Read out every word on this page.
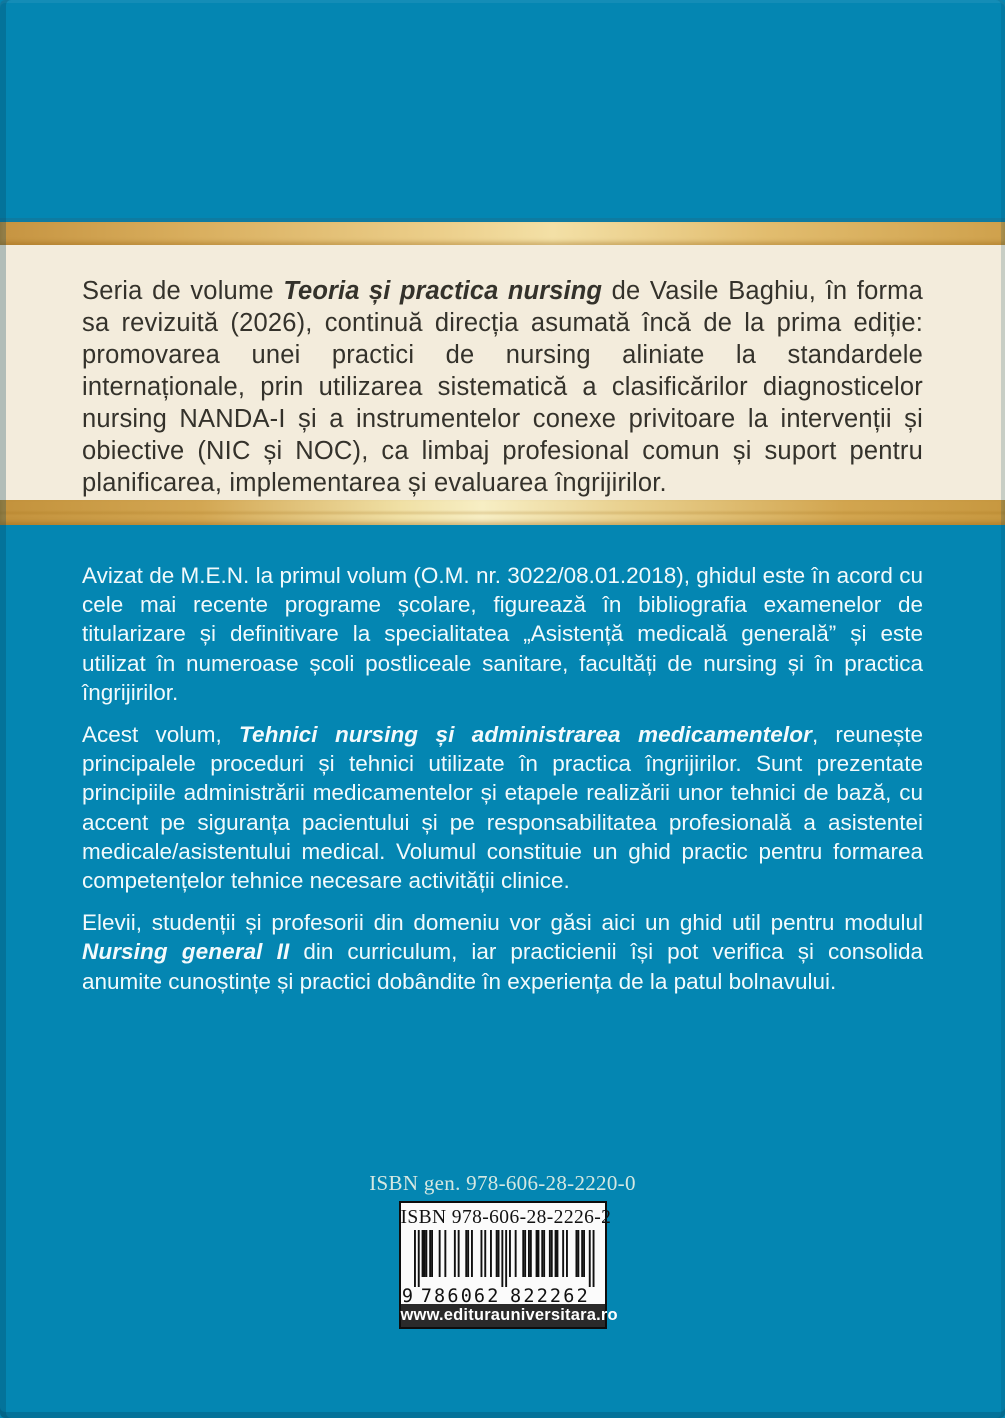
Seria de volume Teoria și practica nursing de Vasile Baghiu, în forma sa revizuită (2026), continuă direcția asumată încă de la prima ediție: promovarea unei practici de nursing aliniate la standardele internaționale, prin utilizarea sistematică a clasificărilor diagnosticelor nursing NANDA-I și a instrumentelor conexe privitoare la intervenții și obiective (NIC și NOC), ca limbaj profesional comun și suport pentru planificarea, implementarea și evaluarea îngrijirilor.

Avizat de M.E.N. la primul volum (O.M. nr. 3022/08.01.2018), ghidul este în acord cu cele mai recente programe școlare, figurează în bibliografia examenelor de titularizare și definitivare la specialitatea „Asistență medicală generală” și este utilizat în numeroase școli postliceale sanitare, facultăți de nursing și în practica îngrijirilor.

Acest volum, Tehnici nursing și administrarea medicamentelor, reunește principalele proceduri și tehnici utilizate în practica îngrijirilor. Sunt prezentate principiile administrării medicamentelor și etapele realizării unor tehnici de bază, cu accent pe siguranța pacientului și pe responsabilitatea profesională a asistentei medicale/asistentului medical. Volumul constituie un ghid practic pentru formarea competențelor tehnice necesare activității clinice.

Elevii, studenții și profesorii din domeniu vor găsi aici un ghid util pentru modulul Nursing general II din curriculum, iar practicienii își pot verifica și consolida anumite cunoștințe și practici dobândite în experiența de la patul bolnavului.

ISBN gen. 978-606-28-2220-0
ISBN 978-606-28-2226-2
9 7 8 6 0 6 2 8 2 2 2 6 2
www.editurauniversitara.ro
